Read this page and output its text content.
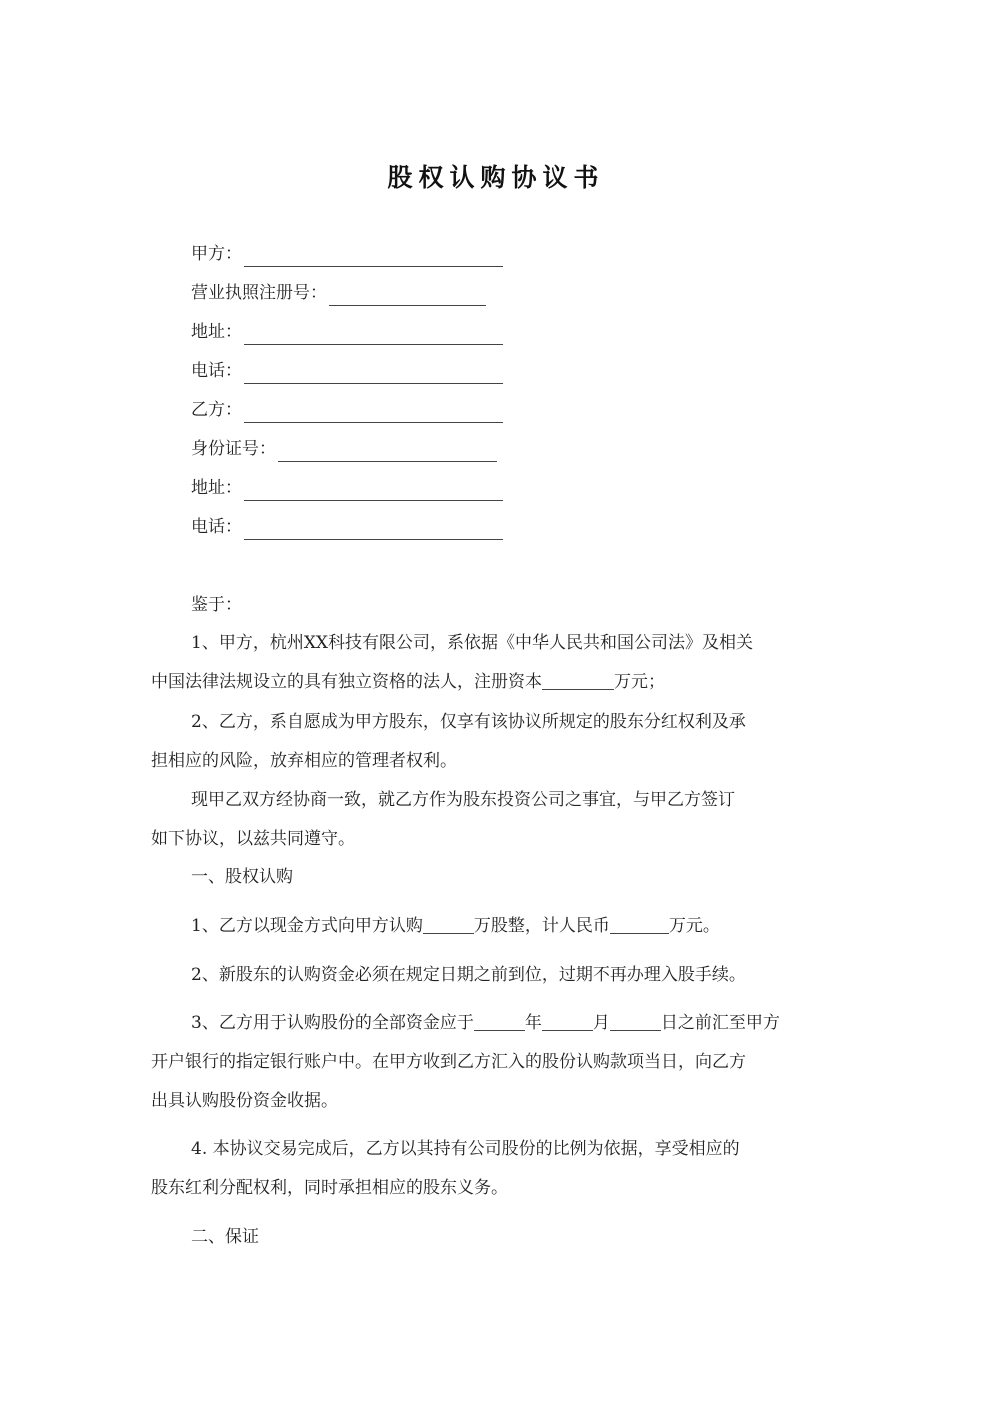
股权认购协议书
甲方：
营业执照注册号：
地址：
电话：
乙方：
身份证号：
地址：
电话：
鉴于：
1、甲方，杭州XX科技有限公司，系依据《中华人民共和国公司法》及相关
中国法律法规设立的具有独立资格的法人，注册资本	万元；
2、乙方，系自愿成为甲方股东，仅享有该协议所规定的股东分红权利及承
担相应的风险，放弃相应的管理者权利。
现甲乙双方经协商一致，就乙方作为股东投资公司之事宜，与甲乙方签订
如下协议，以兹共同遵守。
一、股权认购
1、乙方以现金方式向甲方认购	万股整，计人民币	万元。
2、新股东的认购资金必须在规定日期之前到位，过期不再办理入股手续。
3、乙方用于认购股份的全部资金应于	年	月	日之前汇至甲方
开户银行的指定银行账户中。在甲方收到乙方汇入的股份认购款项当日，向乙方
出具认购股份资金收据。
4. 本协议交易完成后，乙方以其持有公司股份的比例为依据，享受相应的
股东红利分配权利，同时承担相应的股东义务。
二、保证
